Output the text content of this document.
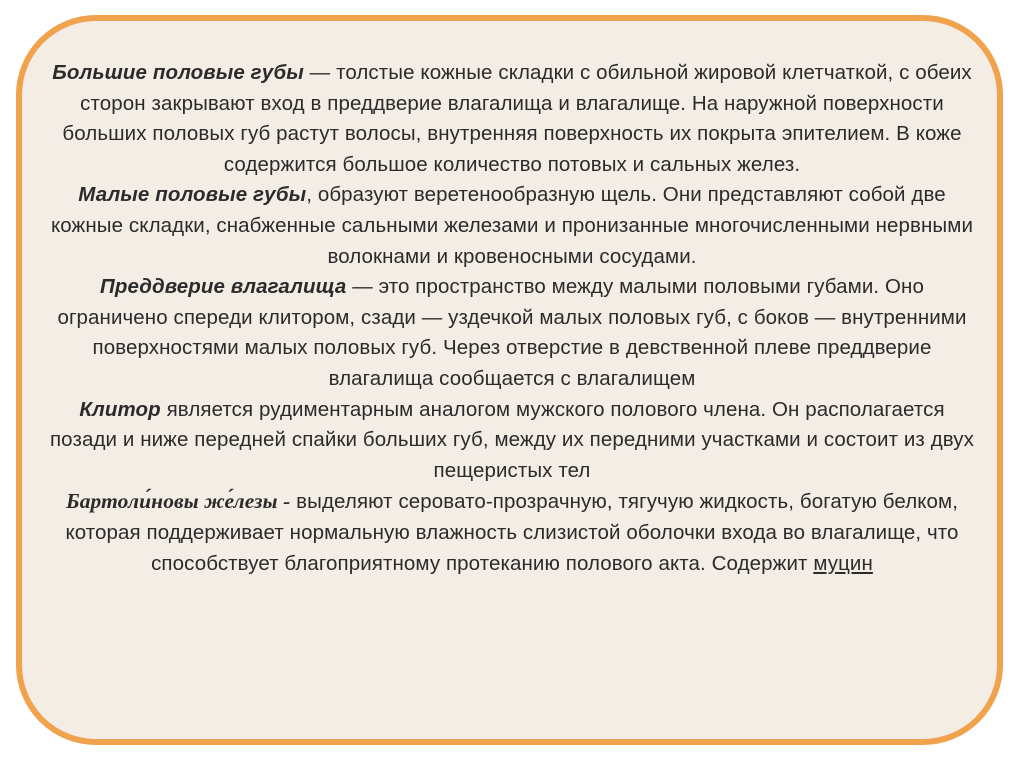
Большие половые губы — толстые кожные складки с обильной жировой клетчаткой, с обеих сторон закрывают вход в преддверие влагалища и влагалище. На наружной поверхности больших половых губ растут волосы, внутренняя поверхность их покрыта эпителием. В коже содержится большое количество потовых и сальных желез.

Малые половые губы, образуют веретенообразную щель. Они представляют собой две кожные складки, снабженные сальными железами и пронизанные многочисленными нервными волокнами и кровеносными сосудами.

Преддверие влагалища — это пространство между малыми половыми губами. Оно ограничено спереди клитором, сзади — уздечкой малых половых губ, с боков — внутренними поверхностями малых половых губ. Через отверстие в девственной плеве преддверие влагалища сообщается с влагалищем

Клитор является рудиментарным аналогом мужского полового члена. Он располагается позади и ниже передней спайки больших губ, между их передними участками и состоит из двух пещеристых тел

Бартоли́новы же́лезы - выделяют серовато-прозрачную, тягучую жидкость, богатую белком, которая поддерживает нормальную влажность слизистой оболочки входа во влагалище, что способствует благоприятному протеканию полового акта. Содержит муцин
